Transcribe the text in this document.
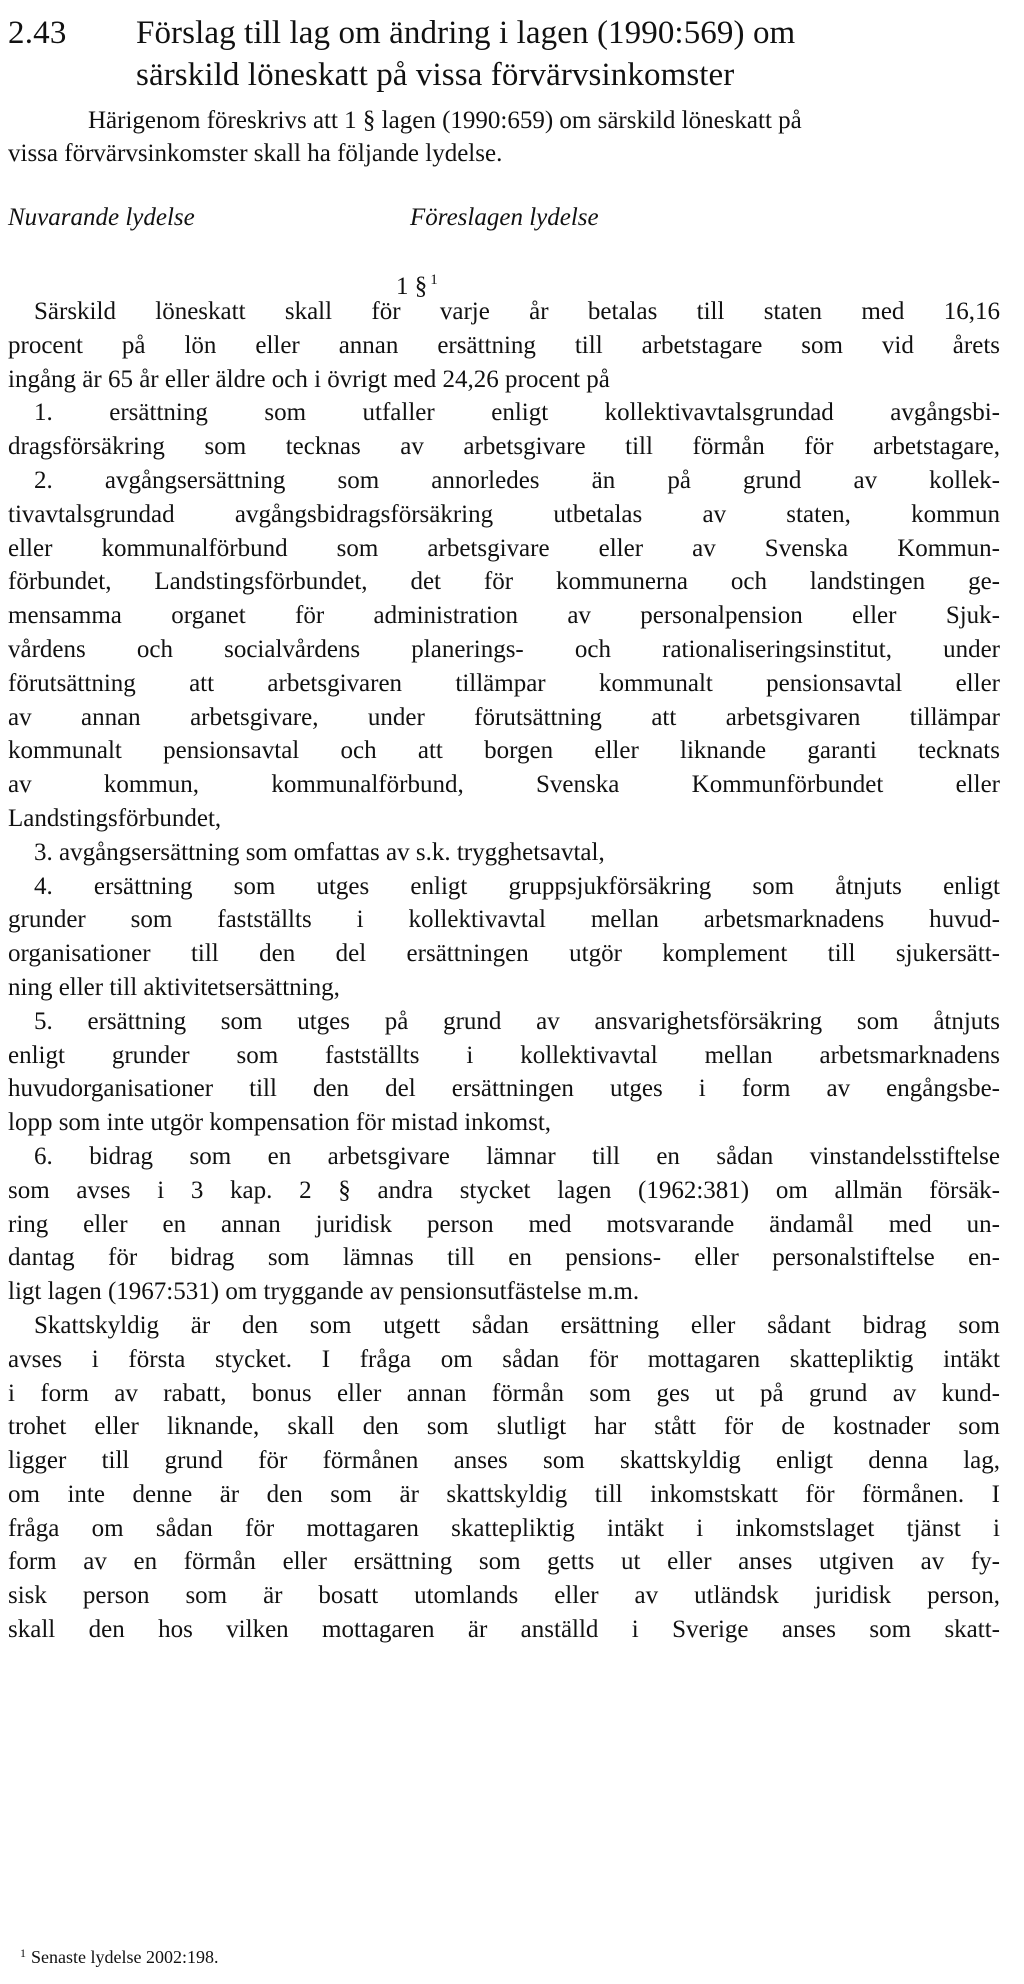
2.43	Förslag till lag om ändring i lagen (1990:569) om
särskild löneskatt på vissa förvärvsinkomster
Härigenom föreskrivs att 1 § lagen (1990:659) om särskild löneskatt på
vissa förvärvsinkomster skall ha följande lydelse.
Nuvarande lydelse	Föreslagen lydelse
1 § $^1$
Särskild löneskatt skall för varje år betalas till staten med 16,16
procent på lön eller annan ersättning till arbetstagare som vid årets
ingång är 65 år eller äldre och i övrigt med 24,26 procent på
1. ersättning som utfaller enligt kollektivavtalsgrundad avgångsbi-
dragsförsäkring som tecknas av arbetsgivare till förmån för arbetstagare,
2. avgångsersättning som annorledes än på grund av kollek-
tivavtalsgrundad avgångsbidragsförsäkring utbetalas av staten, kommun
eller kommunalförbund som arbetsgivare eller av Svenska Kommun-
förbundet, Landstingsförbundet, det för kommunerna och landstingen ge-
mensamma organet för administration av personalpension eller Sjuk-
vårdens och socialvårdens planerings- och rationaliseringsinstitut, under
förutsättning att arbetsgivaren tillämpar kommunalt pensionsavtal eller
av annan arbetsgivare, under förutsättning att arbetsgivaren tillämpar
kommunalt pensionsavtal och att borgen eller liknande garanti tecknats
av kommun, kommunalförbund, Svenska Kommunförbundet eller
Landstingsförbundet,
3. avgångsersättning som omfattas av s.k. trygghetsavtal,
4. ersättning som utges enligt gruppsjukförsäkring som åtnjuts enligt
grunder som fastställts i kollektivavtal mellan arbetsmarknadens huvud-
organisationer till den del ersättningen utgör komplement till sjukersätt-
ning eller till aktivitetsersättning,
5. ersättning som utges på grund av ansvarighetsförsäkring som åtnjuts
enligt grunder som fastställts i kollektivavtal mellan arbetsmarknadens
huvudorganisationer till den del ersättningen utges i form av engångsbe-
lopp som inte utgör kompensation för mistad inkomst,
6. bidrag som en arbetsgivare lämnar till en sådan vinstandelsstiftelse
som avses i 3 kap. 2 § andra stycket lagen (1962:381) om allmän försäk-
ring eller en annan juridisk person med motsvarande ändamål med un-
dantag för bidrag som lämnas till en pensions- eller personalstiftelse en-
ligt lagen (1967:531) om tryggande av pensionsutfästelse m.m.
Skattskyldig är den som utgett sådan ersättning eller sådant bidrag som
avses i första stycket. I fråga om sådan för mottagaren skattepliktig intäkt
i form av rabatt, bonus eller annan förmån som ges ut på grund av kund-
trohet eller liknande, skall den som slutligt har stått för de kostnader som
ligger till grund för förmånen anses som skattskyldig enligt denna lag,
om inte denne är den som är skattskyldig till inkomstskatt för förmånen. I
fråga om sådan för mottagaren skattepliktig intäkt i inkomstslaget tjänst i
form av en förmån eller ersättning som getts ut eller anses utgiven av fy-
sisk person som är bosatt utomlands eller av utländsk juridisk person,
skall den hos vilken mottagaren är anställd i Sverige anses som skatt-
$^1$ Senaste lydelse 2002:198.
